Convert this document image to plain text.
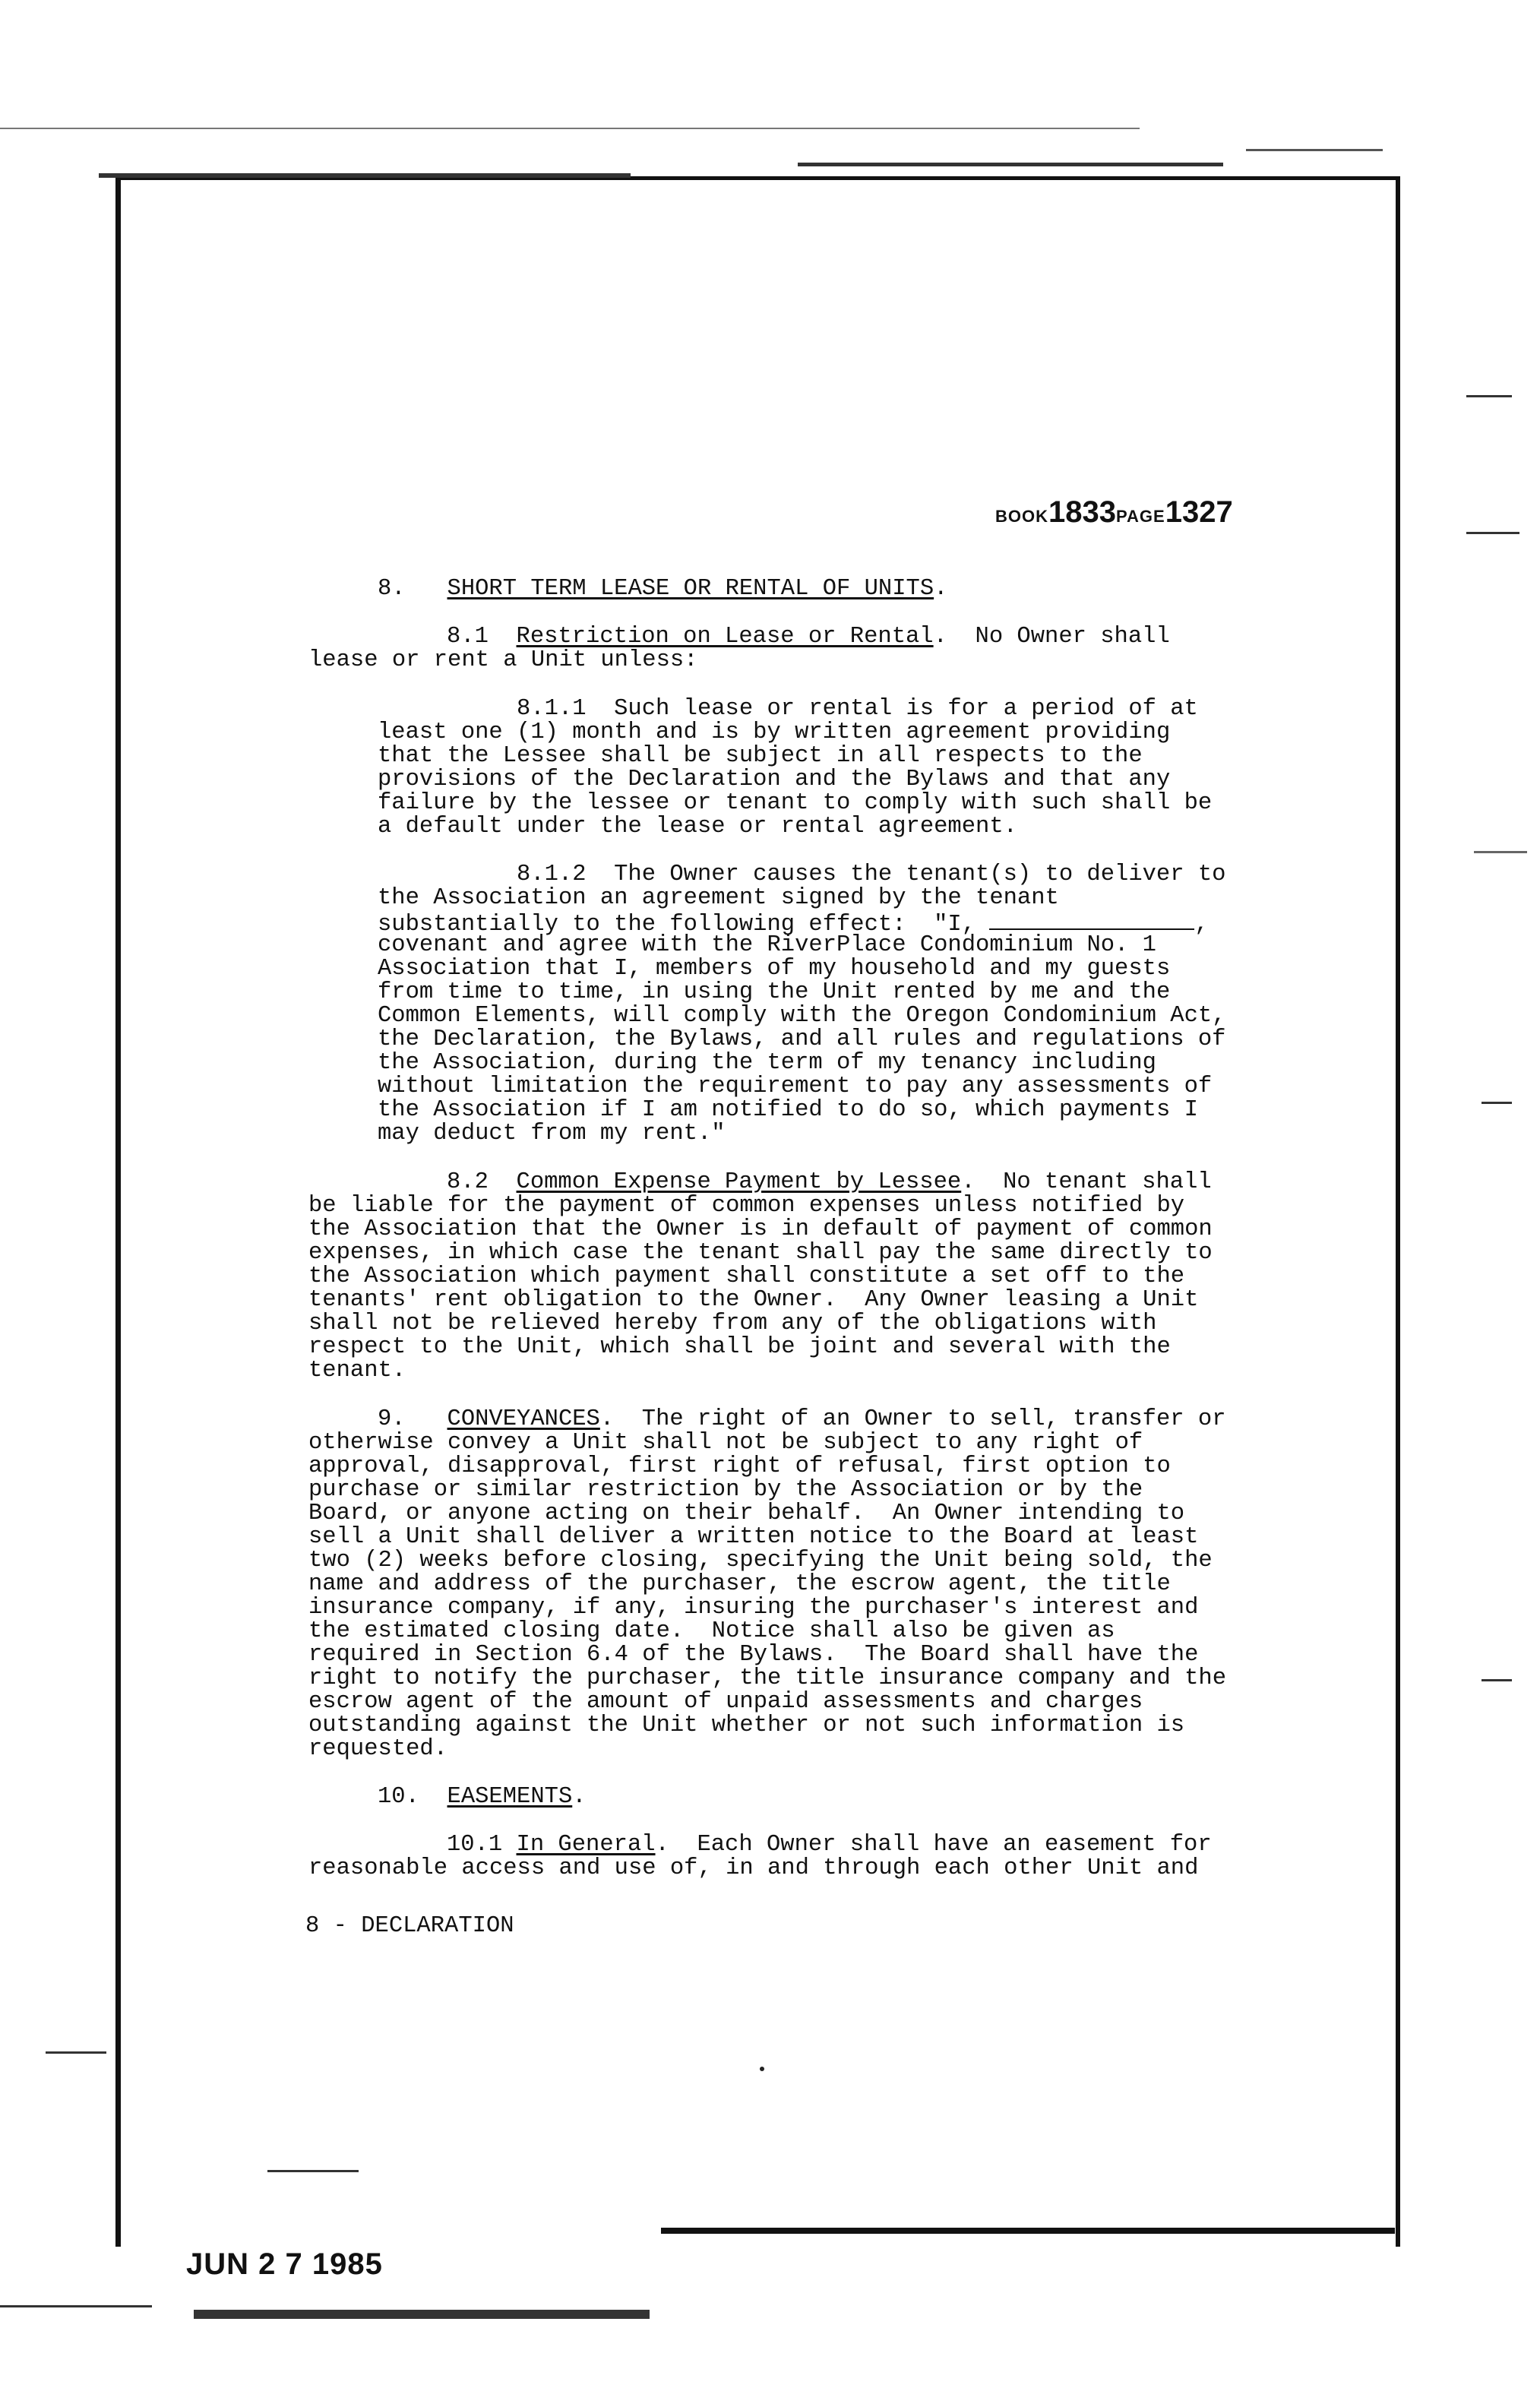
BOOK1833PAGE1327
8.   SHORT TERM LEASE OR RENTAL OF UNITS.
8.1  Restriction on Lease or Rental.  No Owner shall
lease or rent a Unit unless:
8.1.1  Such lease or rental is for a period of at
least one (1) month and is by written agreement providing
that the Lessee shall be subject in all respects to the
provisions of the Declaration and the Bylaws and that any
failure by the lessee or tenant to comply with such shall be
a default under the lease or rental agreement.
8.1.2  The Owner causes the tenant(s) to deliver to
the Association an agreement signed by the tenant
substantially to the following effect:  "I,	,
covenant and agree with the RiverPlace Condominium No. 1
Association that I, members of my household and my guests
from time to time, in using the Unit rented by me and the
Common Elements, will comply with the Oregon Condominium Act,
the Declaration, the Bylaws, and all rules and regulations of
the Association, during the term of my tenancy including
without limitation the requirement to pay any assessments of
the Association if I am notified to do so, which payments I
may deduct from my rent."
8.2  Common Expense Payment by Lessee.  No tenant shall
be liable for the payment of common expenses unless notified by
the Association that the Owner is in default of payment of common
expenses, in which case the tenant shall pay the same directly to
the Association which payment shall constitute a set off to the
tenants' rent obligation to the Owner.  Any Owner leasing a Unit
shall not be relieved hereby from any of the obligations with
respect to the Unit, which shall be joint and several with the
tenant.
9.   CONVEYANCES.  The right of an Owner to sell, transfer or
otherwise convey a Unit shall not be subject to any right of
approval, disapproval, first right of refusal, first option to
purchase or similar restriction by the Association or by the
Board, or anyone acting on their behalf.  An Owner intending to
sell a Unit shall deliver a written notice to the Board at least
two (2) weeks before closing, specifying the Unit being sold, the
name and address of the purchaser, the escrow agent, the title
insurance company, if any, insuring the purchaser's interest and
the estimated closing date.  Notice shall also be given as
required in Section 6.4 of the Bylaws.  The Board shall have the
right to notify the purchaser, the title insurance company and the
escrow agent of the amount of unpaid assessments and charges
outstanding against the Unit whether or not such information is
requested.
10.  EASEMENTS.
10.1 In General.  Each Owner shall have an easement for
reasonable access and use of, in and through each other Unit and
8 - DECLARATION
JUN 2 7 1985
